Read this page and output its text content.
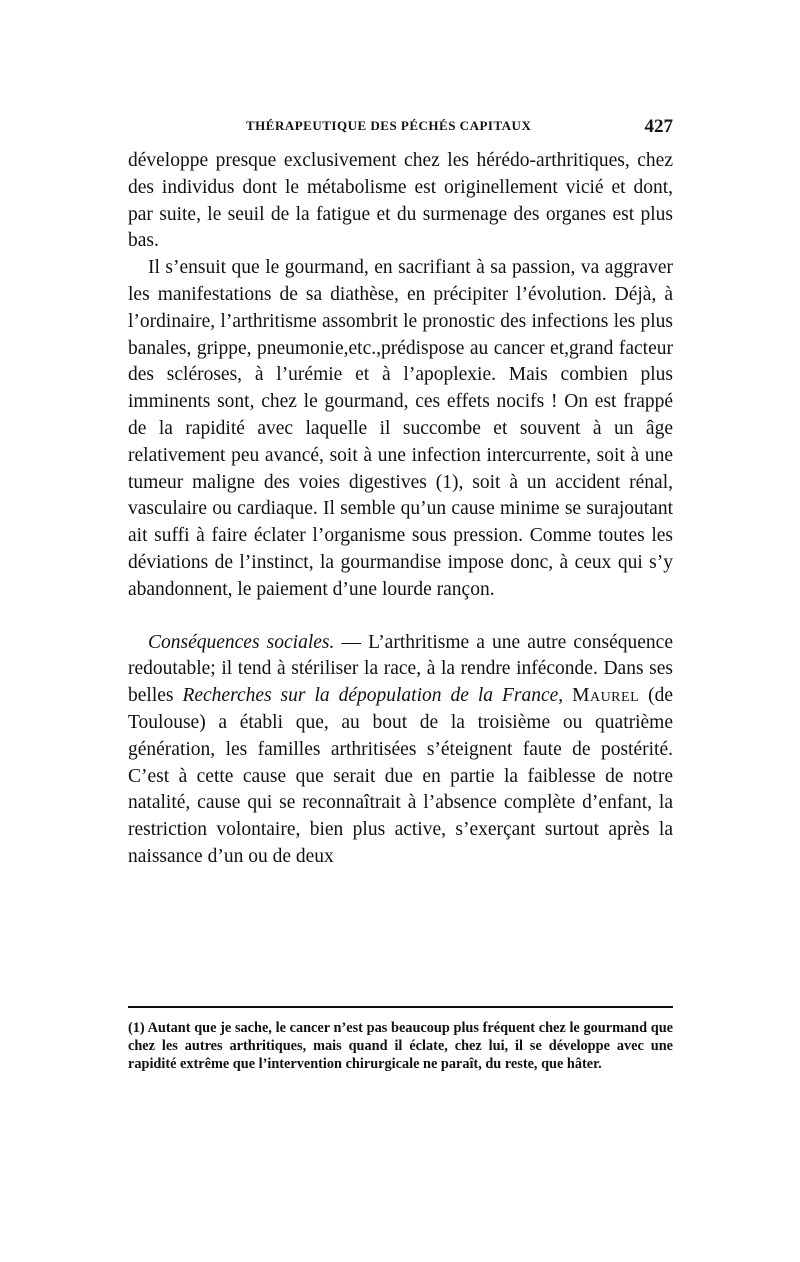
THÉRAPEUTIQUE DES PÉCHÉS CAPITAUX	427

développe presque exclusivement chez les hérédo-arthritiques, chez des individus dont le métabolisme est originellement vicié et dont, par suite, le seuil de la fatigue et du surmenage des organes est plus bas.

Il s’ensuit que le gourmand, en sacrifiant à sa passion, va aggraver les manifestations de sa diathèse, en précipiter l’évolution. Déjà, à l’ordinaire, l’arthritisme assombrit le pronostic des infections les plus banales, grippe, pneumonie,etc.,prédispose au cancer et,grand facteur des scléroses, à l’urémie et à l’apoplexie. Mais combien plus imminents sont, chez le gourmand, ces effets nocifs ! On est frappé de la rapidité avec laquelle il succombe et souvent à un âge relativement peu avancé, soit à une infection intercurrente, soit à une tumeur maligne des voies digestives (1), soit à un accident rénal, vasculaire ou cardiaque. Il semble qu’un cause minime se surajoutant ait suffi à faire éclater l’organisme sous pression. Comme toutes les déviations de l’instinct, la gourmandise impose donc, à ceux qui s’y abandonnent, le paiement d’une lourde rançon.

Conséquences sociales. — L’arthritisme a une autre conséquence redoutable; il tend à stériliser la race, à la rendre inféconde. Dans ses belles Recherches sur la dépopulation de la France, Maurel (de Toulouse) a établi que, au bout de la troisième ou quatrième génération, les familles arthritisées s’éteignent faute de postérité. C’est à cette cause que serait due en partie la faiblesse de notre natalité, cause qui se reconnaîtrait à l’absence complète d’enfant, la restriction volontaire, bien plus active, s’exerçant surtout après la naissance d’un ou de deux

(1) Autant que je sache, le cancer n’est pas beaucoup plus fréquent chez le gourmand que chez les autres arthritiques, mais quand il éclate, chez lui, il se développe avec une rapidité extrême que l’intervention chirurgicale ne paraît, du reste, que hâter.
